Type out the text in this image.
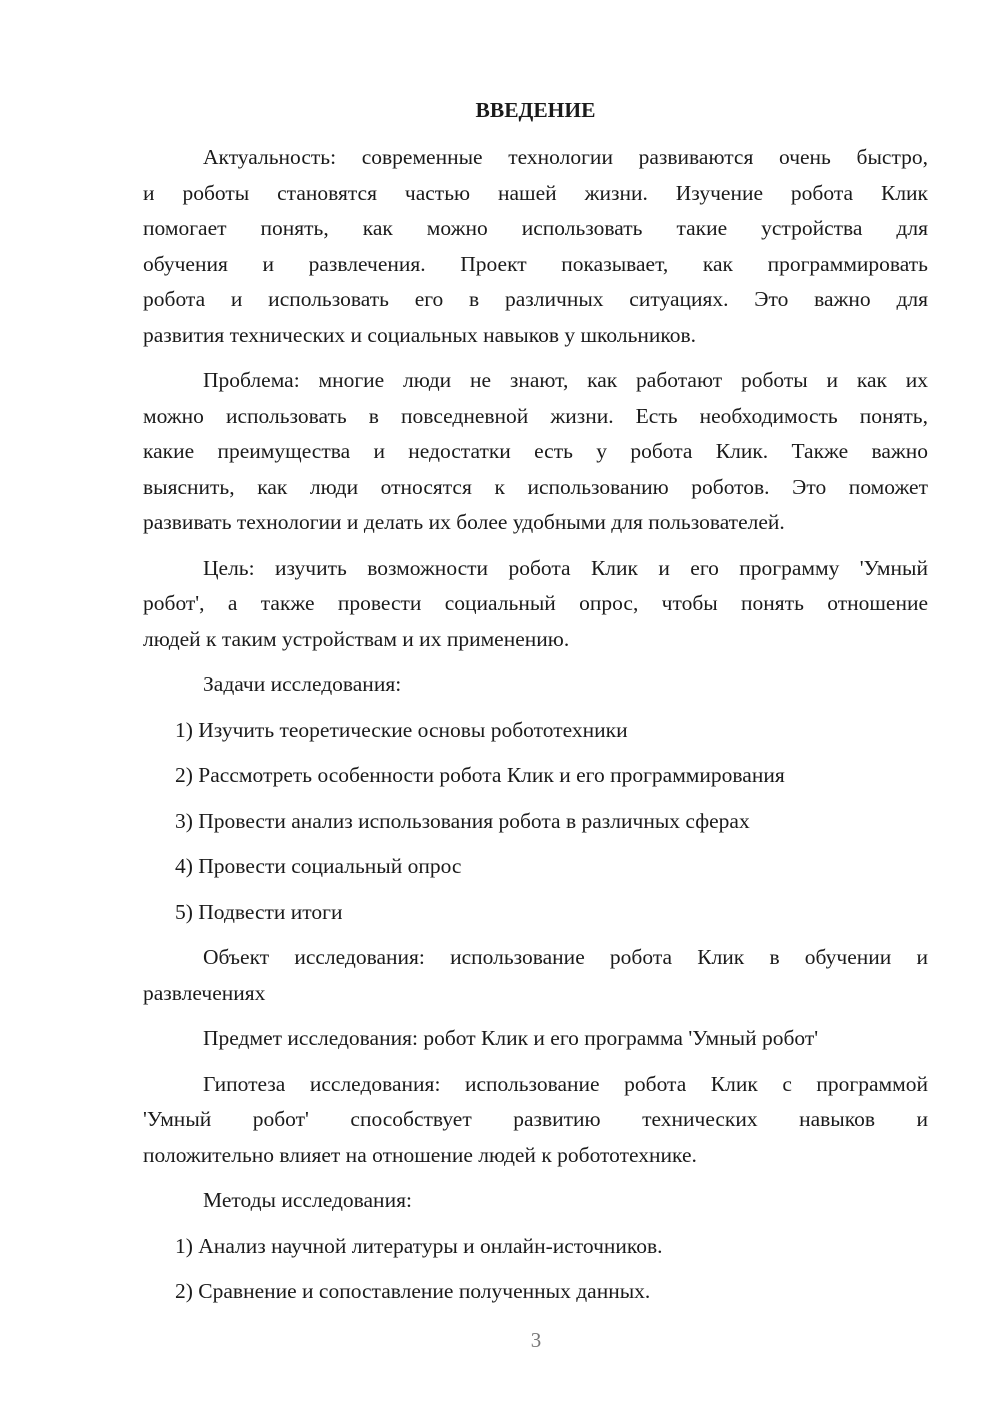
ВВЕДЕНИЕ
Актуальность: современные технологии развиваются очень быстро,
и роботы становятся частью нашей жизни. Изучение робота Клик
помогает понять, как можно использовать такие устройства для
обучения и развлечения. Проект показывает, как программировать
робота и использовать его в различных ситуациях. Это важно для
развития технических и социальных навыков у школьников.
Проблема: многие люди не знают, как работают роботы и как их
можно использовать в повседневной жизни. Есть необходимость понять,
какие преимущества и недостатки есть у робота Клик. Также важно
выяснить, как люди относятся к использованию роботов. Это поможет
развивать технологии и делать их более удобными для пользователей.
Цель: изучить возможности робота Клик и его программу 'Умный
робот', а также провести социальный опрос, чтобы понять отношение
людей к таким устройствам и их применению.
Задачи исследования:
1) Изучить теоретические основы робототехники
2) Рассмотреть особенности робота Клик и его программирования
3) Провести анализ использования робота в различных сферах
4) Провести социальный опрос
5) Подвести итоги
Объект исследования: использование робота Клик в обучении и
развлечениях
Предмет исследования: робот Клик и его программа 'Умный робот'
Гипотеза исследования: использование робота Клик с программой
'Умный робот' способствует развитию технических навыков и
положительно влияет на отношение людей к робототехнике.
Методы исследования:
1) Анализ научной литературы и онлайн-источников.
2) Сравнение и сопоставление полученных данных.
3
